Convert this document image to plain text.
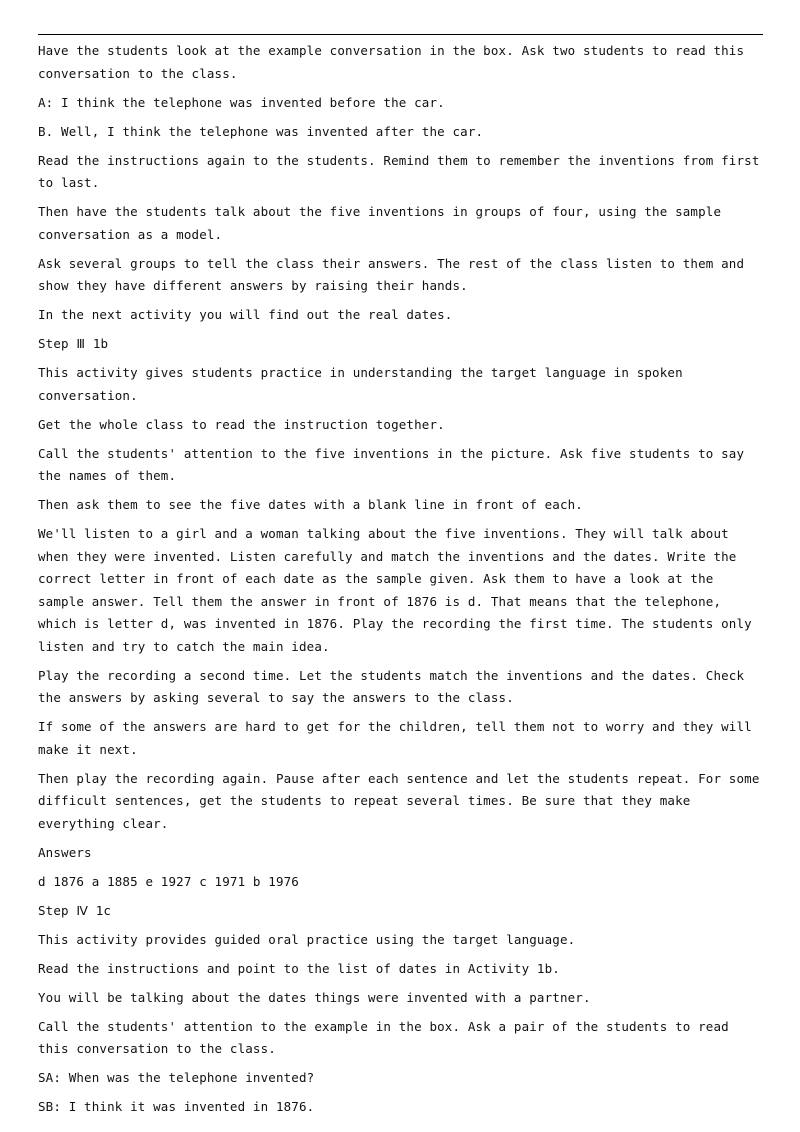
Have the students look at the example conversation in the box. Ask two students to read this conversation to the class.

A: I think the telephone was invented before the car.

B. Well, I think the telephone was invented after the car.

Read the instructions again to the students. Remind them to remember the inventions from first to last.

Then have the students talk about the five inventions in groups of four, using the sample conversation as a model.

Ask several groups to tell the class their answers. The rest of the class listen to them and show they have different answers by raising their hands.

In the next activity you will find out the real dates.

Step Ⅲ 1b

This activity gives students practice in understanding the target language in spoken conversation.

Get the whole class to read the instruction together.

Call the students' attention to the five inventions in the picture. Ask five students to say the names of them.

Then ask them to see the five dates with a blank line in front of each.

We'll listen to a girl and a woman talking about the five inventions. They will talk about when they were invented. Listen carefully and match the inventions and the dates. Write the correct letter in front of each date as the sample given. Ask them to have a look at the sample answer. Tell them the answer in front of 1876 is d. That means that the telephone, which is letter d, was invented in 1876. Play the recording the first time. The students only listen and try to catch the main idea.

Play the recording a second time. Let the students match the inventions and the dates. Check the answers by asking several to say the answers to the class.

If some of the answers are hard to get for the children, tell them not to worry and they will make it next.

Then play the recording again. Pause after each sentence and let the students repeat. For some difficult sentences, get the students to repeat several times. Be sure that they make everything clear.

Answers

d 1876 a 1885 e 1927 c 1971 b 1976

Step Ⅳ 1c

This activity provides guided oral practice using the target language.

Read the instructions and point to the list of dates in Activity 1b.

You will be talking about the dates things were invented with a partner.

Call the students' attention to the example in the box. Ask a pair of the students to read this conversation to the class.

SA: When was the telephone invented?

SB: I think it was invented in 1876.
